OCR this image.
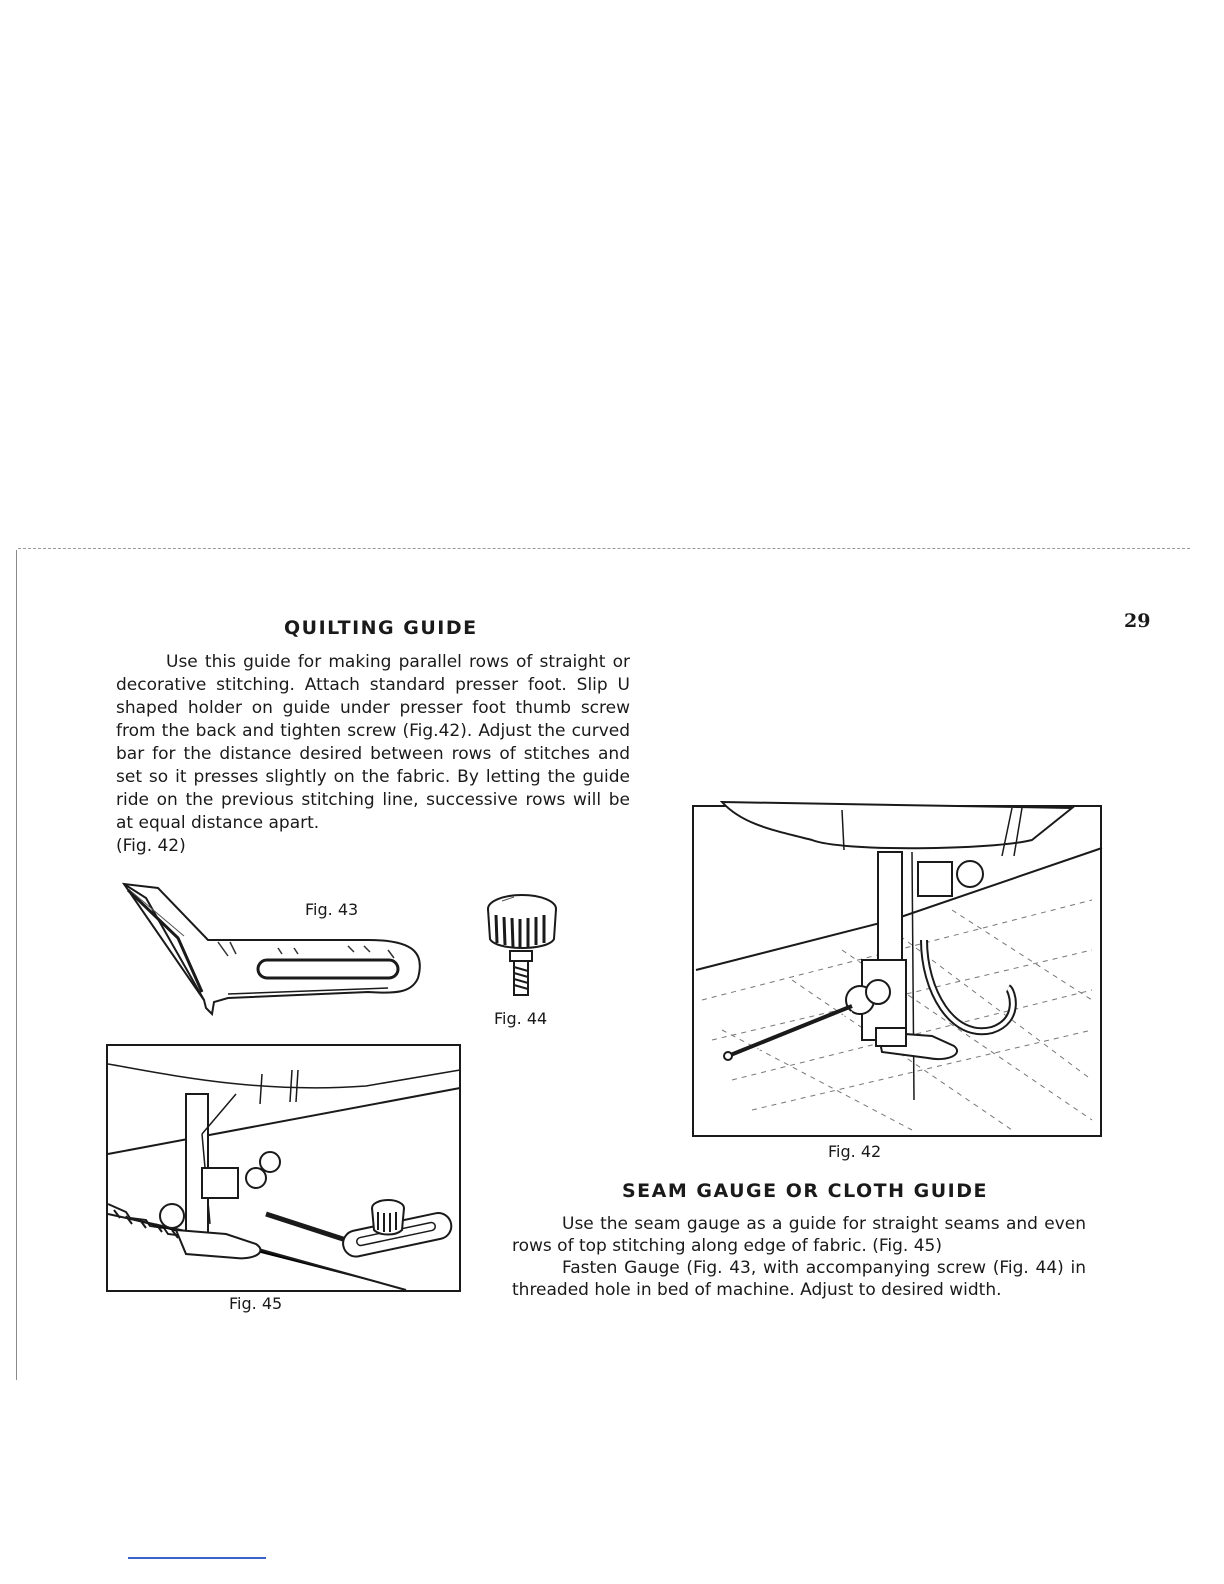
29
QUILTING GUIDE

Use this guide for making parallel rows of straight or decorative stitching. Attach standard presser foot. Slip U shaped holder on guide under presser foot thumb screw from the back and tighten screw (Fig.42). Adjust the curved bar for the distance desired between rows of stitches and set so it presses slightly on the fabric. By letting the guide ride on the previous stitching line, successive rows will be at equal distance apart.

(Fig. 42)
Fig. 43
Fig. 44
Fig. 42
Fig. 45
SEAM GAUGE OR CLOTH GUIDE

Use the seam gauge as a guide for straight seams and even rows of top stitching along edge of fabric. (Fig. 45)

Fasten Gauge (Fig. 43, with accompanying screw (Fig. 44) in threaded hole in bed of machine. Adjust to desired width.
